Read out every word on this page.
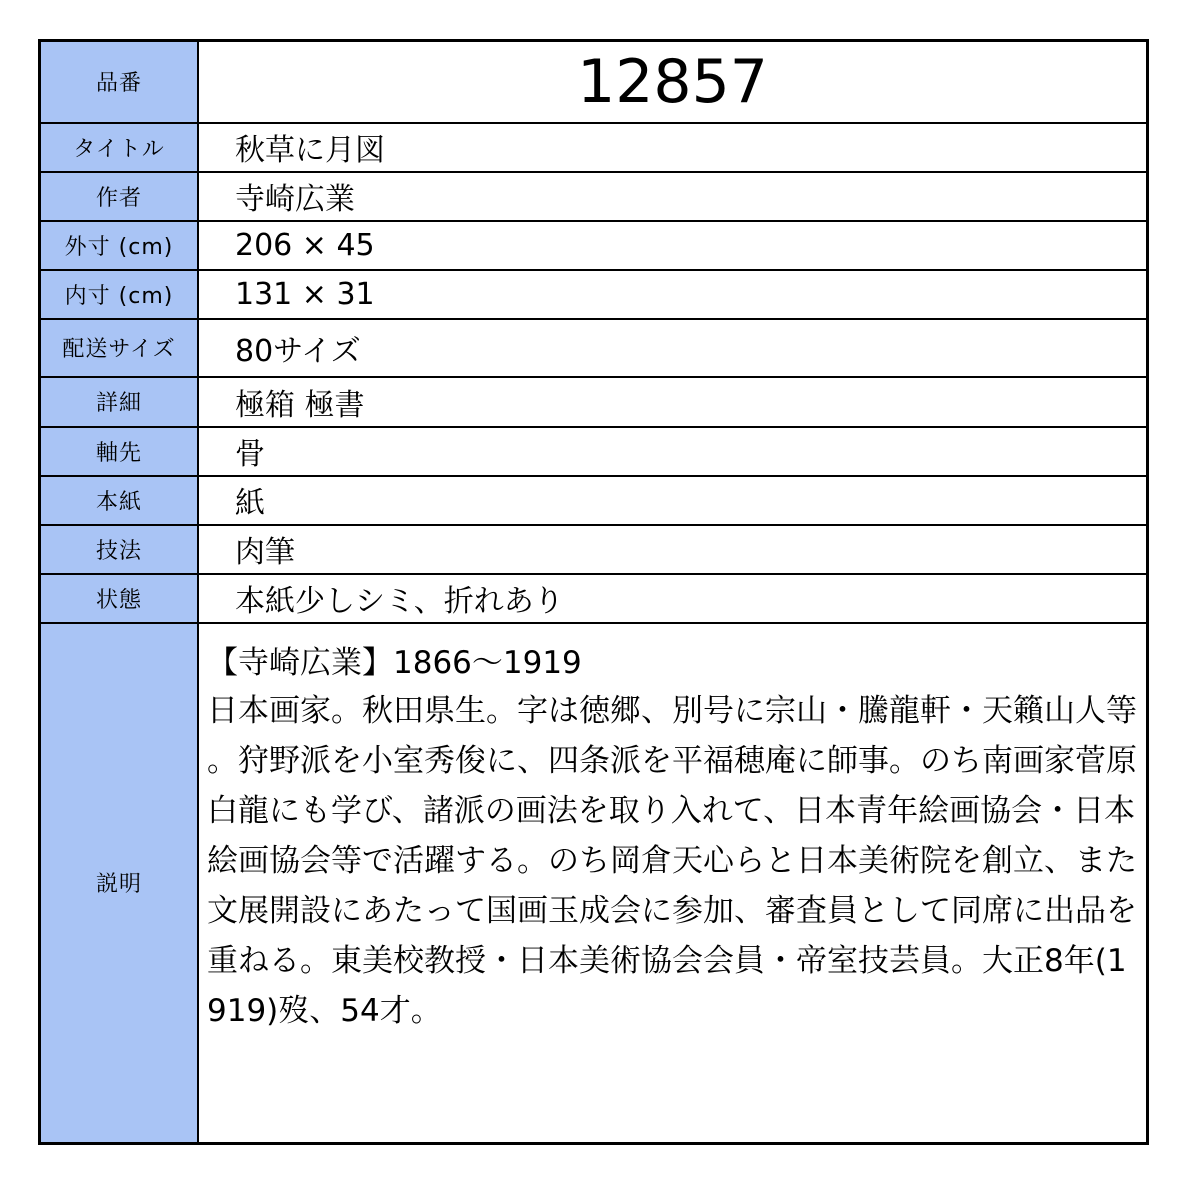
品番	12857
タイトル	秋草に月図
作者	寺崎広業
外寸 (cm)	206 × 45
内寸 (cm)	131 × 31
配送サイズ	80サイズ
詳細	極箱 極書
軸先	骨
本紙	紙
技法	肉筆
状態	本紙少しシミ、折れあり
説明	【寺崎広業】1866〜1919
日本画家。秋田県生。字は徳郷、別号に宗山・騰龍軒・天籟山人等。狩野派を小室秀俊に、四条派を平福穂庵に師事。のち南画家菅原白龍にも学び、諸派の画法を取り入れて、日本青年絵画協会・日本絵画協会等で活躍する。のち岡倉天心らと日本美術院を創立、また文展開設にあたって国画玉成会に参加、審査員として同席に出品を重ねる。東美校教授・日本美術協会会員・帝室技芸員。大正8年(1919)歿、54才。
